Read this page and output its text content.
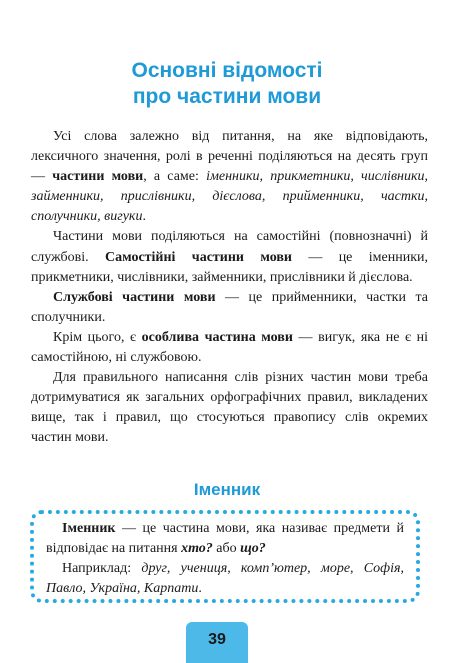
Основні відомості
про частини мови

Усі слова залежно від питання, на яке відповідають, лексичного значення, ролі в реченні поділяються на десять груп — частини мови, а саме: іменники, прикметники, числівники, займенники, прислівники, дієслова, прийменники, частки, сполучники, вигуки.

Частини мови поділяються на самостійні (повнозначні) й службові. Самостійні частини мови — це іменники, прикметники, числівники, займенники, прислівники й дієслова.

Службові частини мови — це прийменники, частки та сполучники.

Крім цього, є особлива частина мови — вигук, яка не є ні самостійною, ні службовою.

Для правильного написання слів різних частин мови треба дотримуватися як загальних орфографічних правил, викладених вище, так і правил, що стосуються правопису слів окремих частин мови.

Іменник

Іменник — це частина мови, яка називає предмети й відповідає на питання хто? або що?

Наприклад: друг, учениця, комп’ютер, море, Софія, Павло, Україна, Карпати.

39
